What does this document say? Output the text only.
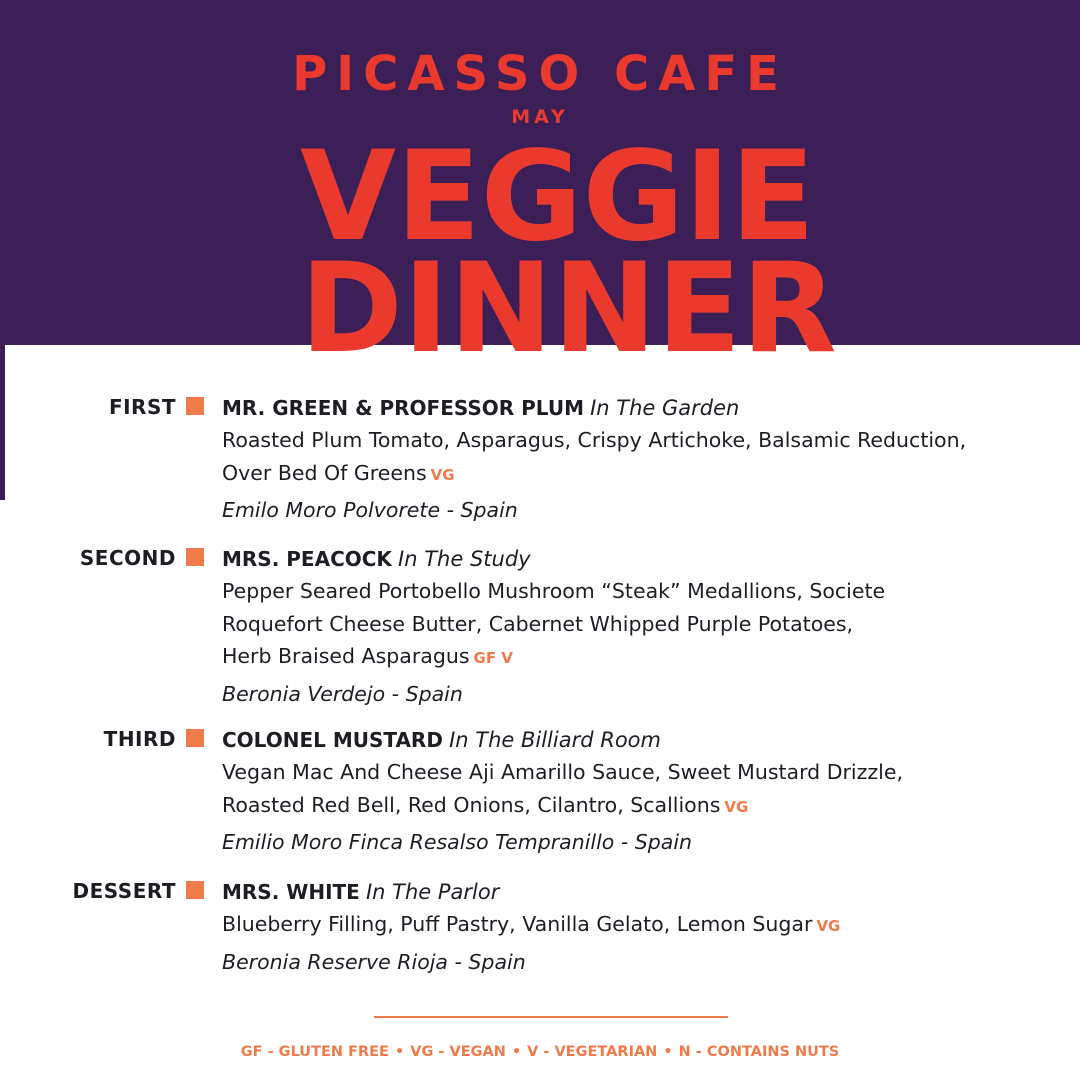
PICASSO CAFE
MAY
VEGGIE
DINNER
FIRST MR. GREEN & PROFESSOR PLUM In The Garden
Roasted Plum Tomato, Asparagus, Crispy Artichoke, Balsamic Reduction,
Over Bed Of Greens VG
Emilo Moro Polvorete - Spain
SECOND MRS. PEACOCK In The Study
Pepper Seared Portobello Mushroom “Steak” Medallions, Societe
Roquefort Cheese Butter, Cabernet Whipped Purple Potatoes,
Herb Braised Asparagus GF V
Beronia Verdejo - Spain
THIRD COLONEL MUSTARD In The Billiard Room
Vegan Mac And Cheese Aji Amarillo Sauce, Sweet Mustard Drizzle,
Roasted Red Bell, Red Onions, Cilantro, Scallions VG
Emilio Moro Finca Resalso Tempranillo - Spain
DESSERT MRS. WHITE In The Parlor
Blueberry Filling, Puff Pastry, Vanilla Gelato, Lemon Sugar VG
Beronia Reserve Rioja - Spain
GF - GLUTEN FREE • VG - VEGAN • V - VEGETARIAN • N - CONTAINS NUTS
